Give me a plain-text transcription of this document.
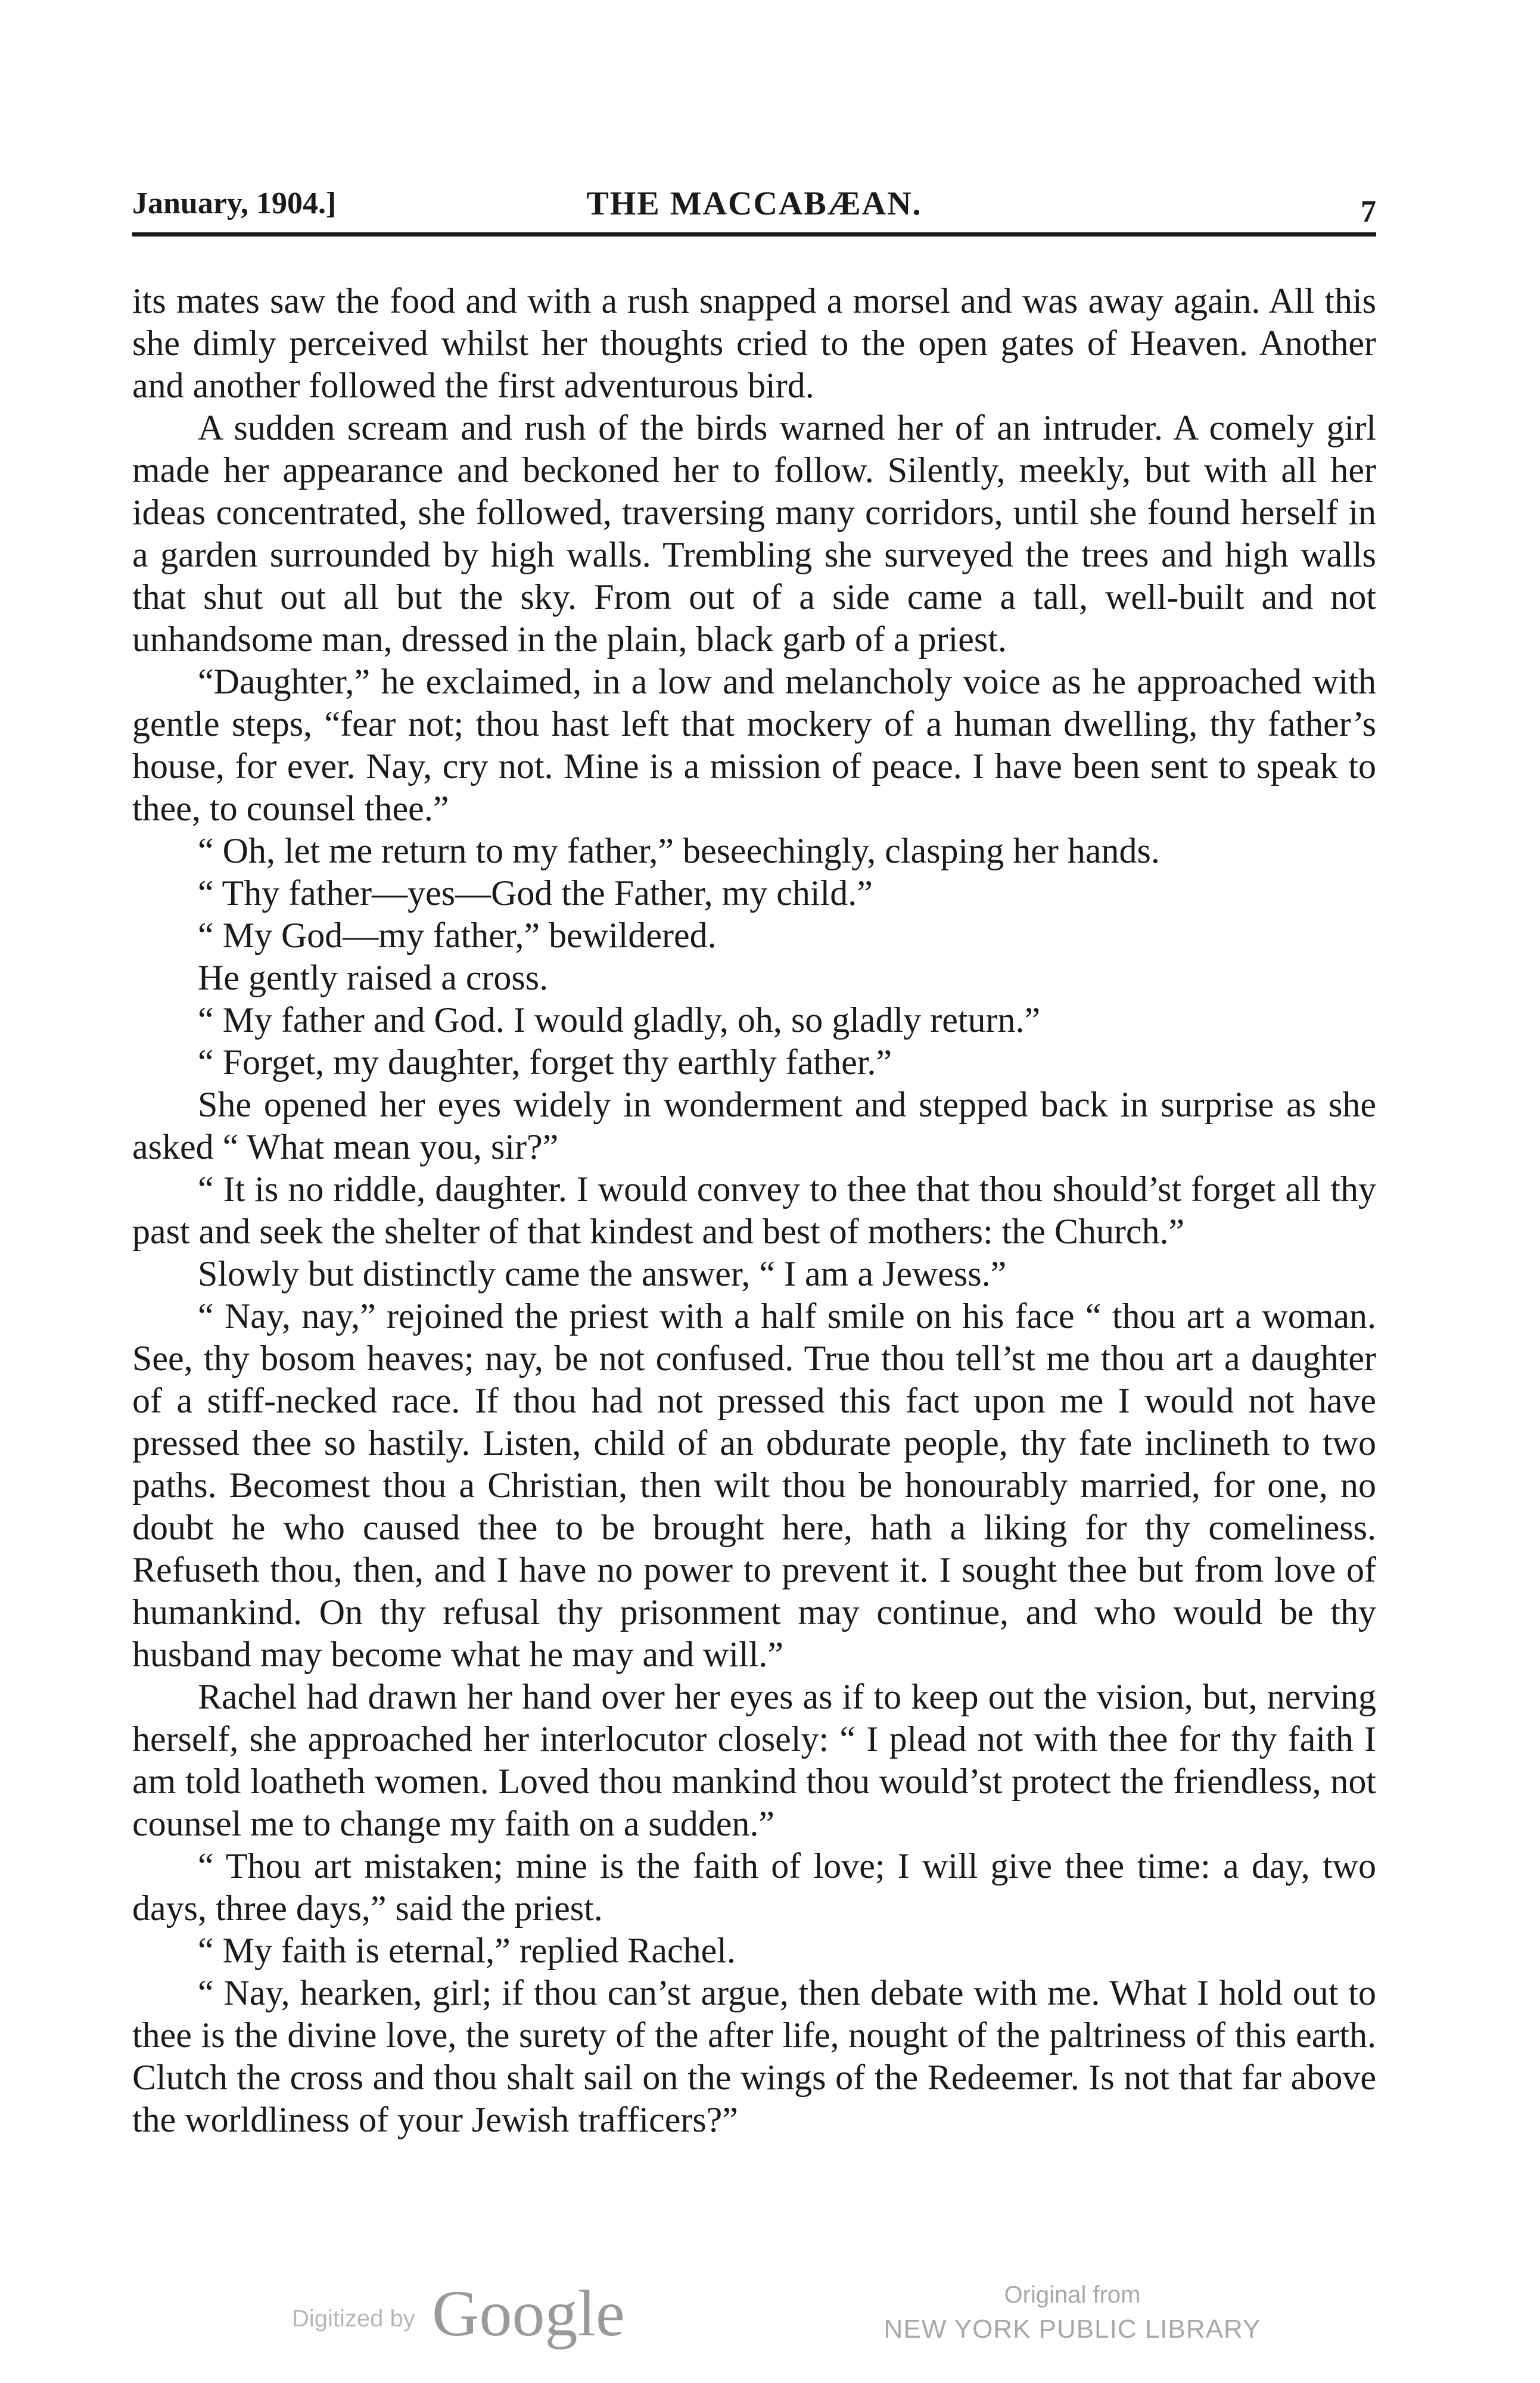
January, 1904.]	THE MACCABÆAN.	7

its mates saw the food and with a rush snapped a morsel and was away again. All this she dimly perceived whilst her thoughts cried to the open gates of Heaven. Another and another followed the first adventurous bird.

A sudden scream and rush of the birds warned her of an intruder. A comely girl made her appearance and beckoned her to follow. Silently, meekly, but with all her ideas concentrated, she followed, traversing many corridors, until she found herself in a garden surrounded by high walls. Trembling she surveyed the trees and high walls that shut out all but the sky. From out of a side came a tall, well-built and not unhandsome man, dressed in the plain, black garb of a priest.

“Daughter,” he exclaimed, in a low and melancholy voice as he approached with gentle steps, “fear not; thou hast left that mockery of a human dwelling, thy father’s house, for ever. Nay, cry not. Mine is a mission of peace. I have been sent to speak to thee, to counsel thee.”

“ Oh, let me return to my father,” beseechingly, clasping her hands.

“ Thy father—yes—God the Father, my child.”

“ My God—my father,” bewildered.

He gently raised a cross.

“ My father and God. I would gladly, oh, so gladly return.”

“ Forget, my daughter, forget thy earthly father.”

She opened her eyes widely in wonderment and stepped back in surprise as she asked “ What mean you, sir?”

“ It is no riddle, daughter. I would convey to thee that thou should’st forget all thy past and seek the shelter of that kindest and best of mothers: the Church.”

Slowly but distinctly came the answer, “ I am a Jewess.”

“ Nay, nay,” rejoined the priest with a half smile on his face “ thou art a woman. See, thy bosom heaves; nay, be not confused. True thou tell’st me thou art a daughter of a stiff-necked race. If thou had not pressed this fact upon me I would not have pressed thee so hastily. Listen, child of an obdurate people, thy fate inclineth to two paths. Becomest thou a Christian, then wilt thou be honourably married, for one, no doubt he who caused thee to be brought here, hath a liking for thy comeliness. Refuseth thou, then, and I have no power to prevent it. I sought thee but from love of humankind. On thy refusal thy prisonment may continue, and who would be thy husband may become what he may and will.”

Rachel had drawn her hand over her eyes as if to keep out the vision, but, nerving herself, she approached her interlocutor closely: “ I plead not with thee for thy faith I am told loatheth women. Loved thou mankind thou would’st protect the friendless, not counsel me to change my faith on a sudden.”

“ Thou art mistaken; mine is the faith of love; I will give thee time: a day, two days, three days,” said the priest.

“ My faith is eternal,” replied Rachel.

“ Nay, hearken, girl; if thou can’st argue, then debate with me. What I hold out to thee is the divine love, the surety of the after life, nought of the paltriness of this earth. Clutch the cross and thou shalt sail on the wings of the Redeemer. Is not that far above the worldliness of your Jewish trafficers?”

Digitized by Google	Original from
NEW YORK PUBLIC LIBRARY
